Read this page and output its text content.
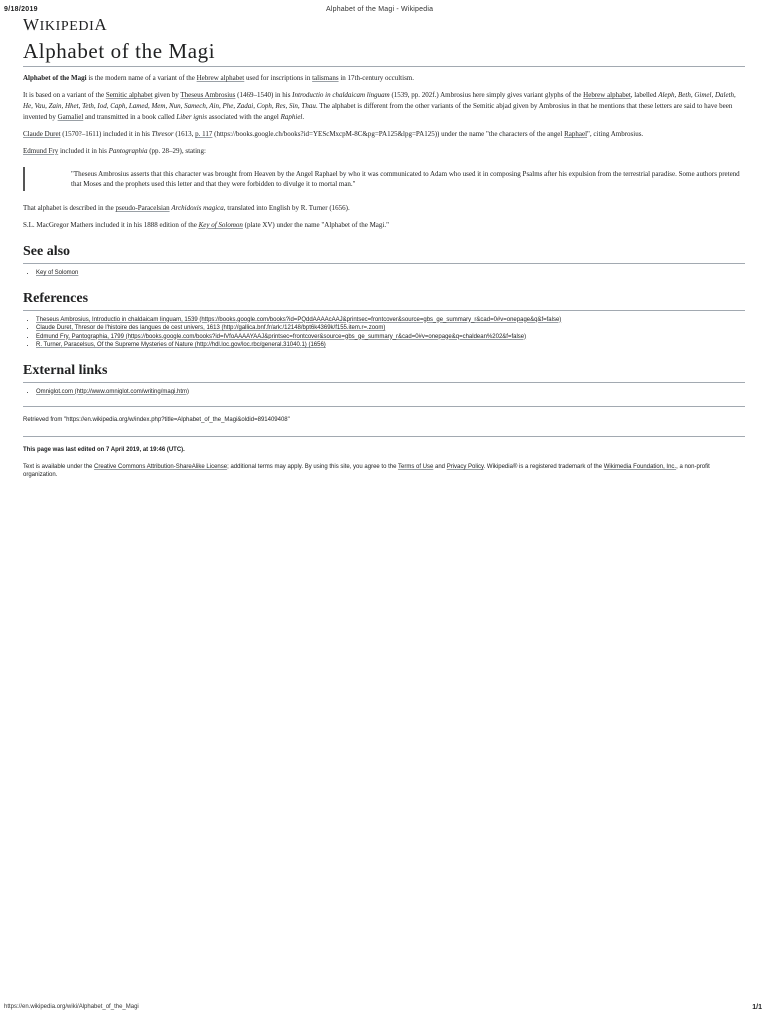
9/18/2019	Alphabet of the Magi - Wikipedia
WIKIPEDIA
Alphabet of the Magi

Alphabet of the Magi is the modern name of a variant of the Hebrew alphabet used for inscriptions in talismans in 17th-century occultism.

It is based on a variant of the Semitic alphabet given by Theseus Ambrosius (1469–1540) in his Introductio in chaldaicam linguam (1539, pp. 202f.) Ambrosius here simply gives variant glyphs of the Hebrew alphabet, labelled Aleph, Beth, Gimel, Daleth, He, Vau, Zain, Hhet, Teth, Iod, Caph, Lamed, Mem, Nun, Samech, Ain, Phe, Zadai, Coph, Res, Sin, Thau. The alphabet is different from the other variants of the Semitic abjad given by Ambrosius in that he mentions that these letters are said to have been invented by Gamaliel and transmitted in a book called Liber ignis associated with the angel Raphiel.

Claude Duret (1570?–1611) included it in his Thresor (1613, p. 117 (https://books.google.ch/books?id=YEScMxcpM-8C&pg=PA125&lpg=PA125)) under the name "the characters of the angel Raphael", citing Ambrosius.

Edmund Fry included it in his Pantographia (pp. 28–29), stating:

"Theseus Ambrosius asserts that this character was brought from Heaven by the Angel Raphael by who it was communicated to Adam who used it in composing Psalms after his expulsion from the terrestrial paradise. Some authors pretend that Moses and the prophets used this letter and that they were forbidden to divulge it to mortal man."

That alphabet is described in the pseudo-Paracelsian Archidoxis magica, translated into English by R. Turner (1656).

S.L. MacGregor Mathers included it in his 1888 edition of the Key of Solomon (plate XV) under the name "Alphabet of the Magi."

See also
• Key of Solomon
References
• Theseus Ambrosius, Introductio in chaldaicam linguam, 1539 (https://books.google.com/books?id=PQddAAAAcAAJ&printsec=frontcover&source=gbs_ge_summary_r&cad=0#v=onepage&q&f=false)
• Claude Duret, Thresor de l'histoire des langues de cest univers, 1613 (http://gallica.bnf.fr/ark:/12148/bpt6k4369k/f155.item.r=.zoom)
• Edmund Fry, Pantographia, 1799 (https://books.google.com/books?id=IVfoAAAAYAAJ&printsec=frontcover&source=gbs_ge_summary_r&cad=0#v=onepage&q=chaldean%202&f=false)
• R. Turner, Paracelsus, Of the Supreme Mysteries of Nature (http://hdl.loc.gov/loc.rbc/general.31040.1) (1656)
External links
• Omniglot.com (http://www.omniglot.com/writing/magi.htm)

Retrieved from "https://en.wikipedia.org/w/index.php?title=Alphabet_of_the_Magi&oldid=891409408"

This page was last edited on 7 April 2019, at 19:46 (UTC).

Text is available under the Creative Commons Attribution-ShareAlike License; additional terms may apply. By using this site, you agree to the Terms of Use and Privacy Policy. Wikipedia® is a registered trademark of the Wikimedia Foundation, Inc., a non-profit organization.

https://en.wikipedia.org/wiki/Alphabet_of_the_Magi	1/1
